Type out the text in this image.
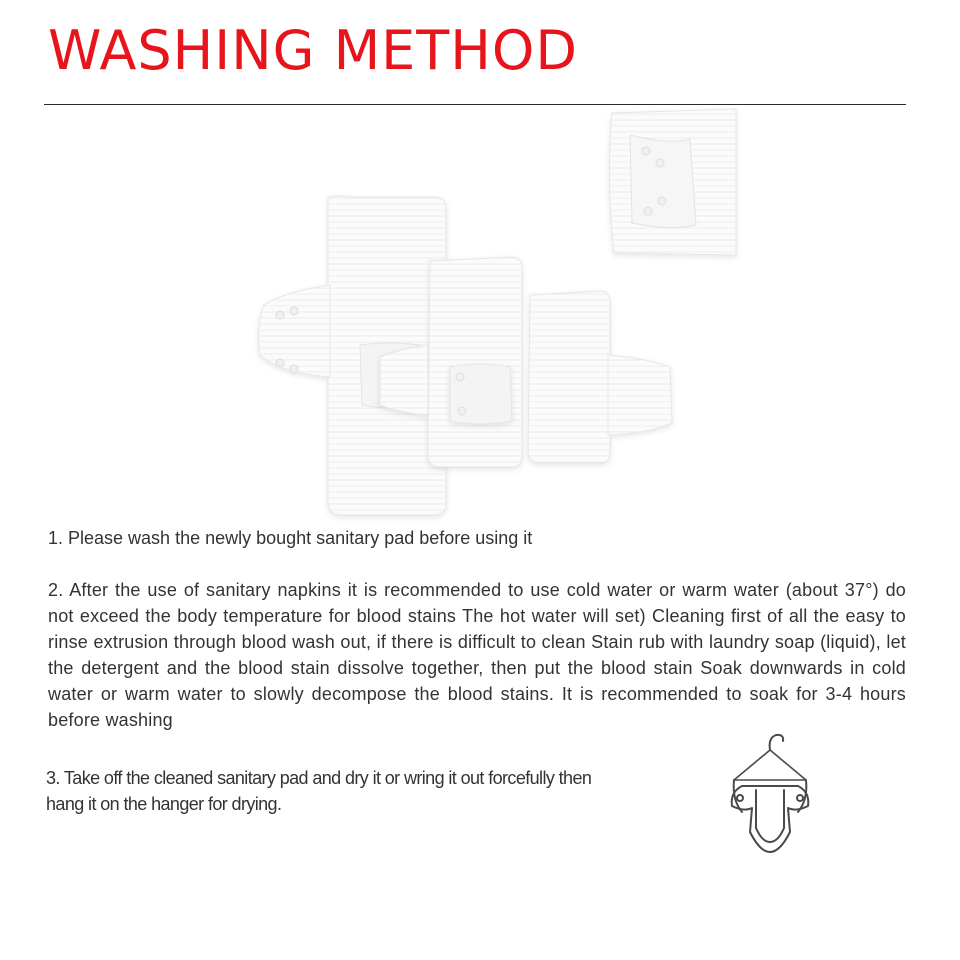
WASHING METHOD

1. Please wash the newly bought sanitary pad before using it

2. After the use of sanitary napkins it is recommended to use cold water or warm water (about 37°) do not exceed the body temperature for blood stains The hot water will set) Cleaning first of all the easy to rinse extrusion through blood wash out, if there is difficult to clean Stain rub with laundry soap (liquid), let the detergent and the blood stain dissolve together, then put the blood stain Soak downwards in cold water or warm water to slowly decompose the blood stains. It is recommended to soak for 3-4 hours before washing

3. Take off the cleaned sanitary pad and dry it or wring it out forcefully then hang it on the hanger for drying.
